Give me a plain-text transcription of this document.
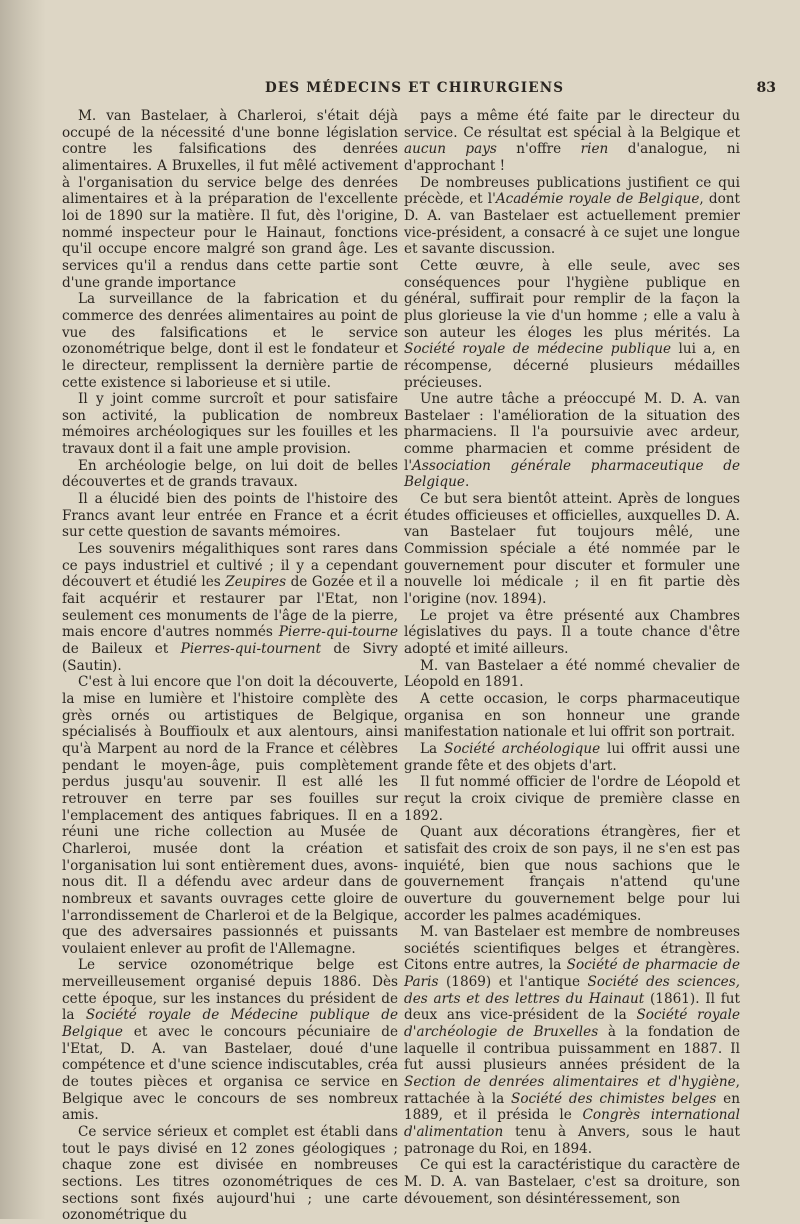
DES MÉDECINS ET CHIRURGIENS	83

M. van Bastelaer, à Charleroi, s'était déjà occupé de la nécessité d'une bonne législation contre les falsifications des denrées alimentaires. A Bruxelles, il fut mêlé activement à l'organisation du service belge des denrées alimentaires et à la préparation de l'excellente loi de 1890 sur la matière. Il fut, dès l'origine, nommé inspecteur pour le Hainaut, fonctions qu'il occupe encore malgré son grand âge. Les services qu'il a rendus dans cette partie sont d'une grande importance

La surveillance de la fabrication et du commerce des denrées alimentaires au point de vue des falsifications et le service ozonométrique belge, dont il est le fondateur et le directeur, remplissent la dernière partie de cette existence si laborieuse et si utile.

Il y joint comme surcroît et pour satisfaire son activité, la publication de nombreux mémoires archéologiques sur les fouilles et les travaux dont il a fait une ample provision.

En archéologie belge, on lui doit de belles découvertes et de grands travaux.

Il a élucidé bien des points de l'histoire des Francs avant leur entrée en France et a écrit sur cette question de savants mémoires.

Les souvenirs mégalithiques sont rares dans ce pays industriel et cultivé ; il y a cependant découvert et étudié les Zeupires de Gozée et il a fait acquérir et restaurer par l'Etat, non seulement ces monuments de l'âge de la pierre, mais encore d'autres nommés Pierre-qui-tourne de Baileux et Pierres-qui-tournent de Sivry (Sautin).

C'est à lui encore que l'on doit la découverte, la mise en lumière et l'histoire complète des grès ornés ou artistiques de Belgique, spécialisés à Bouffioulx et aux alentours, ainsi qu'à Marpent au nord de la France et célèbres pendant le moyen-âge, puis complètement perdus jusqu'au souvenir. Il est allé les retrouver en terre par ses fouilles sur l'emplacement des antiques fabriques. Il en a réuni une riche collection au Musée de Charleroi, musée dont la création et l'organisation lui sont entièrement dues, avons-nous dit. Il a défendu avec ardeur dans de nombreux et savants ouvrages cette gloire de l'arrondissement de Charleroi et de la Belgique, que des adversaires passionnés et puissants voulaient enlever au profit de l'Allemagne.

Le service ozonométrique belge est merveilleusement organisé depuis 1886. Dès cette époque, sur les instances du président de la Société royale de Médecine publique de Belgique et avec le concours pécuniaire de l'Etat, D. A. van Bastelaer, doué d'une compétence et d'une science indiscutables, créa de toutes pièces et organisa ce service en Belgique avec le concours de ses nombreux amis.

Ce service sérieux et complet est établi dans tout le pays divisé en 12 zones géologiques ; chaque zone est divisée en nombreuses sections. Les titres ozonométriques de ces sections sont fixés aujourd'hui ; une carte ozonométrique du

pays a même été faite par le directeur du service. Ce résultat est spécial à la Belgique et aucun pays n'offre rien d'analogue, ni d'approchant !

De nombreuses publications justifient ce qui précède, et l'Académie royale de Belgique, dont D. A. van Bastelaer est actuellement premier vice-président, a consacré à ce sujet une longue et savante discussion.

Cette œuvre, à elle seule, avec ses conséquences pour l'hygiène publique en général, suffirait pour remplir de la façon la plus glorieuse la vie d'un homme ; elle a valu à son auteur les éloges les plus mérités. La Société royale de médecine publique lui a, en récompense, décerné plusieurs médailles précieuses.

Une autre tâche a préoccupé M. D. A. van Bastelaer : l'amélioration de la situation des pharmaciens. Il l'a poursuivie avec ardeur, comme pharmacien et comme président de l'Association générale pharmaceutique de Belgique.

Ce but sera bientôt atteint. Après de longues études officieuses et officielles, auxquelles D. A. van Bastelaer fut toujours mêlé, une Commission spéciale a été nommée par le gouvernement pour discuter et formuler une nouvelle loi médicale ; il en fit partie dès l'origine (nov. 1894).

Le projet va être présenté aux Chambres législatives du pays. Il a toute chance d'être adopté et imité ailleurs.

M. van Bastelaer a été nommé chevalier de Léopold en 1891.

A cette occasion, le corps pharmaceutique organisa en son honneur une grande manifestation nationale et lui offrit son portrait.

La Société archéologique lui offrit aussi une grande fête et des objets d'art.

Il fut nommé officier de l'ordre de Léopold et reçut la croix civique de première classe en 1892.

Quant aux décorations étrangères, fier et satisfait des croix de son pays, il ne s'en est pas inquiété, bien que nous sachions que le gouvernement français n'attend qu'une ouverture du gouvernement belge pour lui accorder les palmes académiques.

M. van Bastelaer est membre de nombreuses sociétés scientifiques belges et étrangères. Citons entre autres, la Société de pharmacie de Paris (1869) et l'antique Société des sciences, des arts et des lettres du Hainaut (1861). Il fut deux ans vice-président de la Société royale d'archéologie de Bruxelles à la fondation de laquelle il contribua puissamment en 1887. Il fut aussi plusieurs années président de la Section de denrées alimentaires et d'hygiène, rattachée à la Société des chimistes belges en 1889, et il présida le Congrès international d'alimentation tenu à Anvers, sous le haut patronage du Roi, en 1894.

Ce qui est la caractéristique du caractère de M. D. A. van Bastelaer, c'est sa droiture, son dévouement, son désintéressement, son
